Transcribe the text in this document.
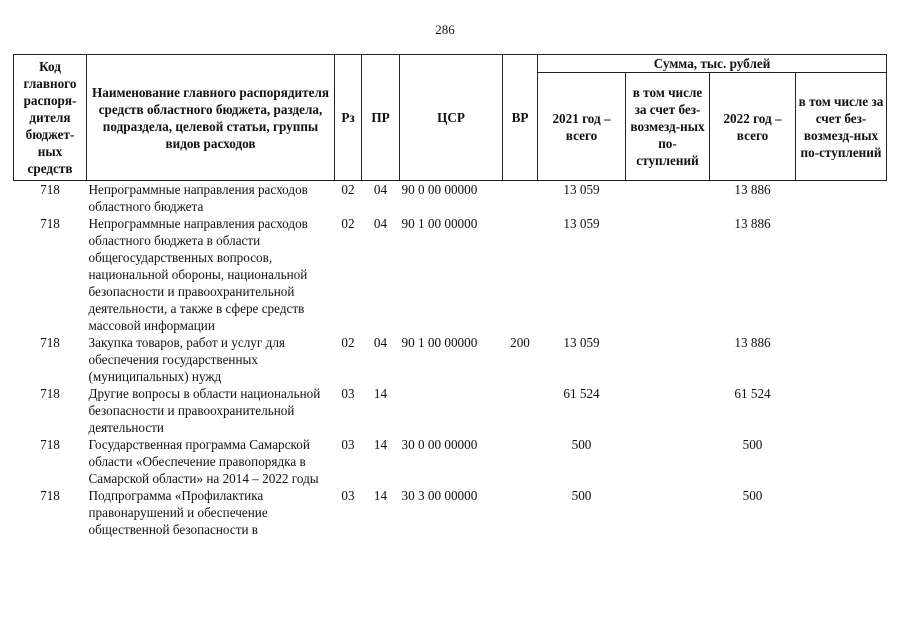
286
Код главного распоря-дителя бюджет-ных средств	Наименование главного распорядителя средств областного бюджета, раздела, подраздела, целевой статьи, группы видов расходов	Рз	ПР	ЦСР	ВР	Сумма, тыс. рублей			
						2021 год – всего	в том числе за счет без-возмезд-ных по-ступлений	2022 год – всего	в том числе за счет без-возмезд-ных по-ступлений
718	Непрограммные направления расходов областного бюджета	02	04	90 0 00 00000		13 059		13 886	
718	Непрограммные направления расходов областного бюджета в области общегосударственных вопросов, национальной обороны, национальной безопасности и правоохранительной деятельности, а также в сфере средств массовой информации	02	04	90 1 00 00000		13 059		13 886	
718	Закупка товаров, работ и услуг для обеспечения государственных (муниципальных) нужд	02	04	90 1 00 00000	200	13 059		13 886	
718	Другие вопросы в области национальной безопасности и правоохранительной деятельности	03	14			61 524		61 524	
718	Государственная программа Самарской области «Обеспечение правопорядка в Самарской области» на 2014 – 2022 годы	03	14	30 0 00 00000		500		500	
718	Подпрограмма «Профилактика правонарушений и обеспечение общественной безопасности в	03	14	30 3 00 00000		500		500	
